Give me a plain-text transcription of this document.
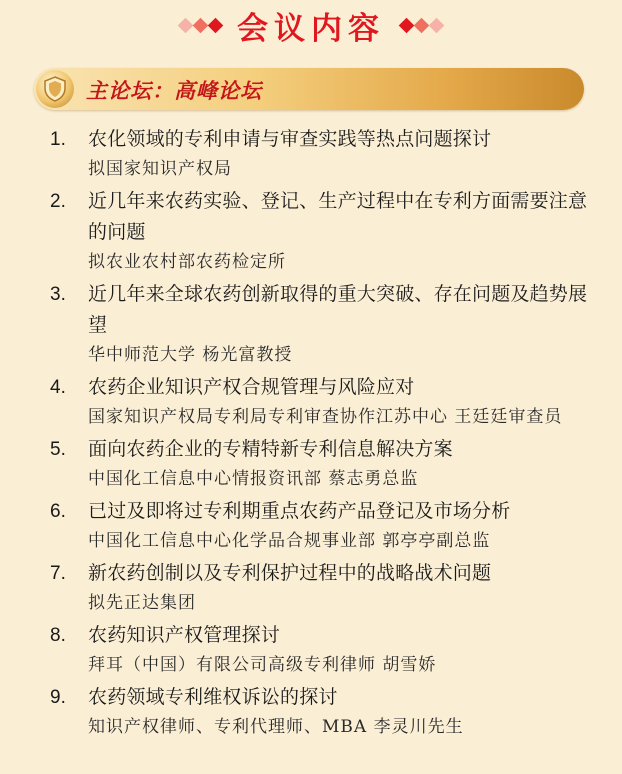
会议内容
主论坛：高峰论坛
1. 农化领域的专利申请与审查实践等热点问题探讨
拟国家知识产权局
2. 近几年来农药实验、登记、生产过程中在专利方面需要注意的问题
拟农业农村部农药检定所
3. 近几年来全球农药创新取得的重大突破、存在问题及趋势展望
华中师范大学 杨光富教授
4. 农药企业知识产权合规管理与风险应对
国家知识产权局专利局专利审查协作江苏中心 王廷廷审查员
5. 面向农药企业的专精特新专利信息解决方案
中国化工信息中心情报资讯部 蔡志勇总监
6. 已过及即将过专利期重点农药产品登记及市场分析
中国化工信息中心化学品合规事业部 郭亭亭副总监
7. 新农药创制以及专利保护过程中的战略战术问题
拟先正达集团
8. 农药知识产权管理探讨
拜耳（中国）有限公司高级专利律师 胡雪娇
9. 农药领域专利维权诉讼的探讨
知识产权律师、专利代理师、MBA 李灵川先生
